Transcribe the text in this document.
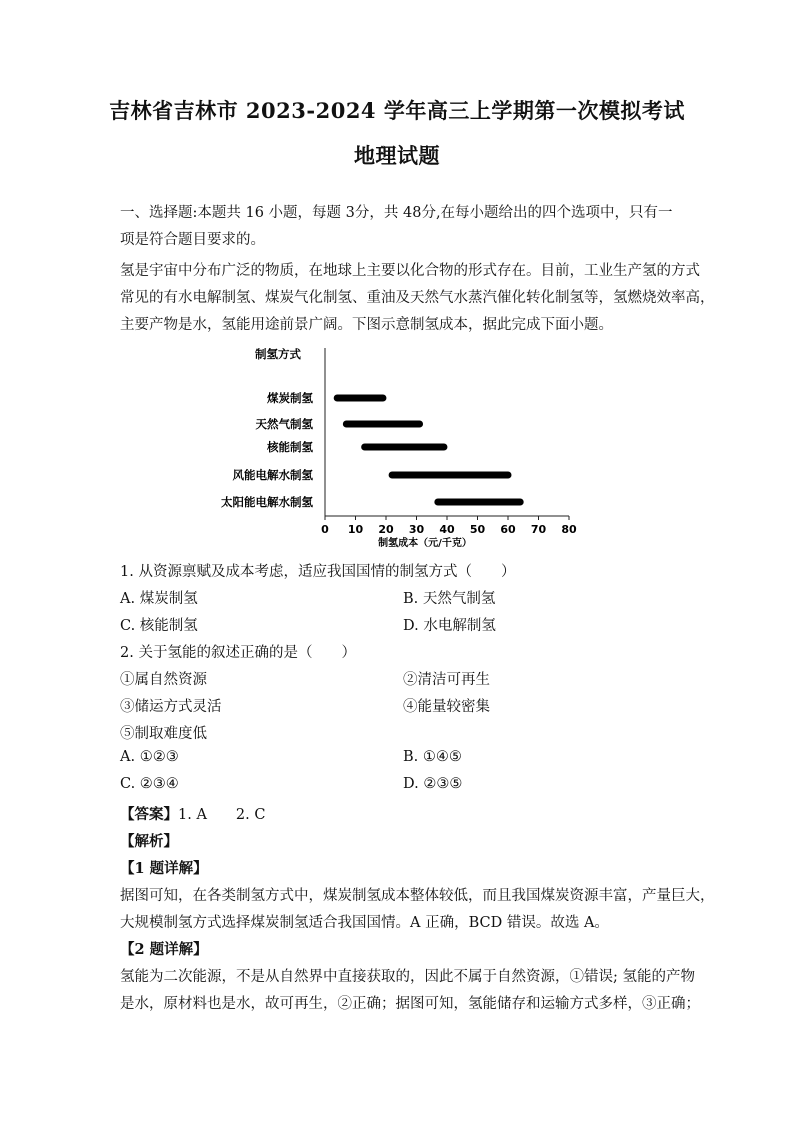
吉林省吉林市 2023-2024 学年高三上学期第一次模拟考试
地理试题
一、选择题:本题共 16 小题，每题 3分，共 48分,在每小题给出的四个选项中，只有一项是符合题目要求的。
氢是宇宙中分布广泛的物质，在地球上主要以化合物的形式存在。目前，工业生产氢的方式
常见的有水电解制氢、煤炭气化制氢、重油及天然气水蒸汽催化转化制氢等，氢燃烧效率高，
主要产物是水，氢能用途前景广阔。下图示意制氢成本，据此完成下面小题。
制氢方式
煤炭制氢
天然气制氢
核能制氢
风能电解水制氢
太阳能电解水制氢
0 10 20 30 40 50 60 70 80
制氢成本（元/千克）
1. 从资源禀赋及成本考虑，适应我国国情的制氢方式（　　）
A. 煤炭制氢	B. 天然气制氢
C. 核能制氢	D. 水电解制氢
2. 关于氢能的叙述正确的是（　　）
①属自然资源	②清洁可再生
③储运方式灵活	④能量较密集
⑤制取难度低
A. ①②③	B. ①④⑤
C. ②③④	D. ②③⑤
【答案】1. A　　2. C
【解析】
【1 题详解】
据图可知，在各类制氢方式中，煤炭制氢成本整体较低，而且我国煤炭资源丰富，产量巨大，
大规模制氢方式选择煤炭制氢适合我国国情。A 正确，BCD 错误。故选 A。
【2 题详解】
氢能为二次能源，不是从自然界中直接获取的，因此不属于自然资源，①错误; 氢能的产物
是水，原材料也是水，故可再生，②正确；据图可知，氢能储存和运输方式多样，③正确；
